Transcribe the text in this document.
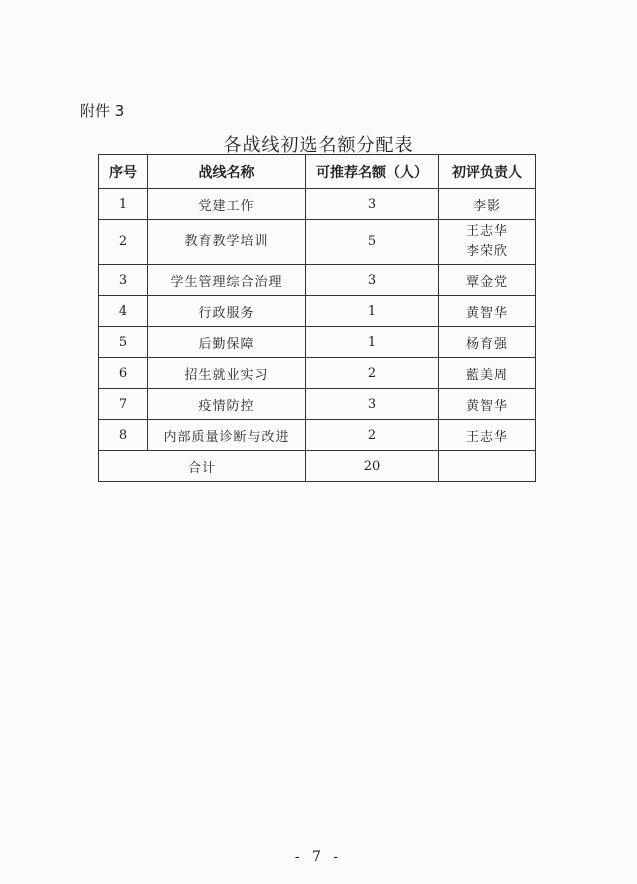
附件 3
各战线初选名额分配表
序号	战线名称	可推荐名额（人）	初评负责人
1	党建工作	3	李影

2	教育教学培训	5	王志华
李荣欣

3	学生管理综合治理	3	覃金党

4	行政服务	1	黄智华

5	后勤保障	1	杨育强

6	招生就业实习	2	藍美周

7	疫情防控	3	黄智华

8	内部质量诊断与改进	2	王志华

合计		20	
- 7 -
